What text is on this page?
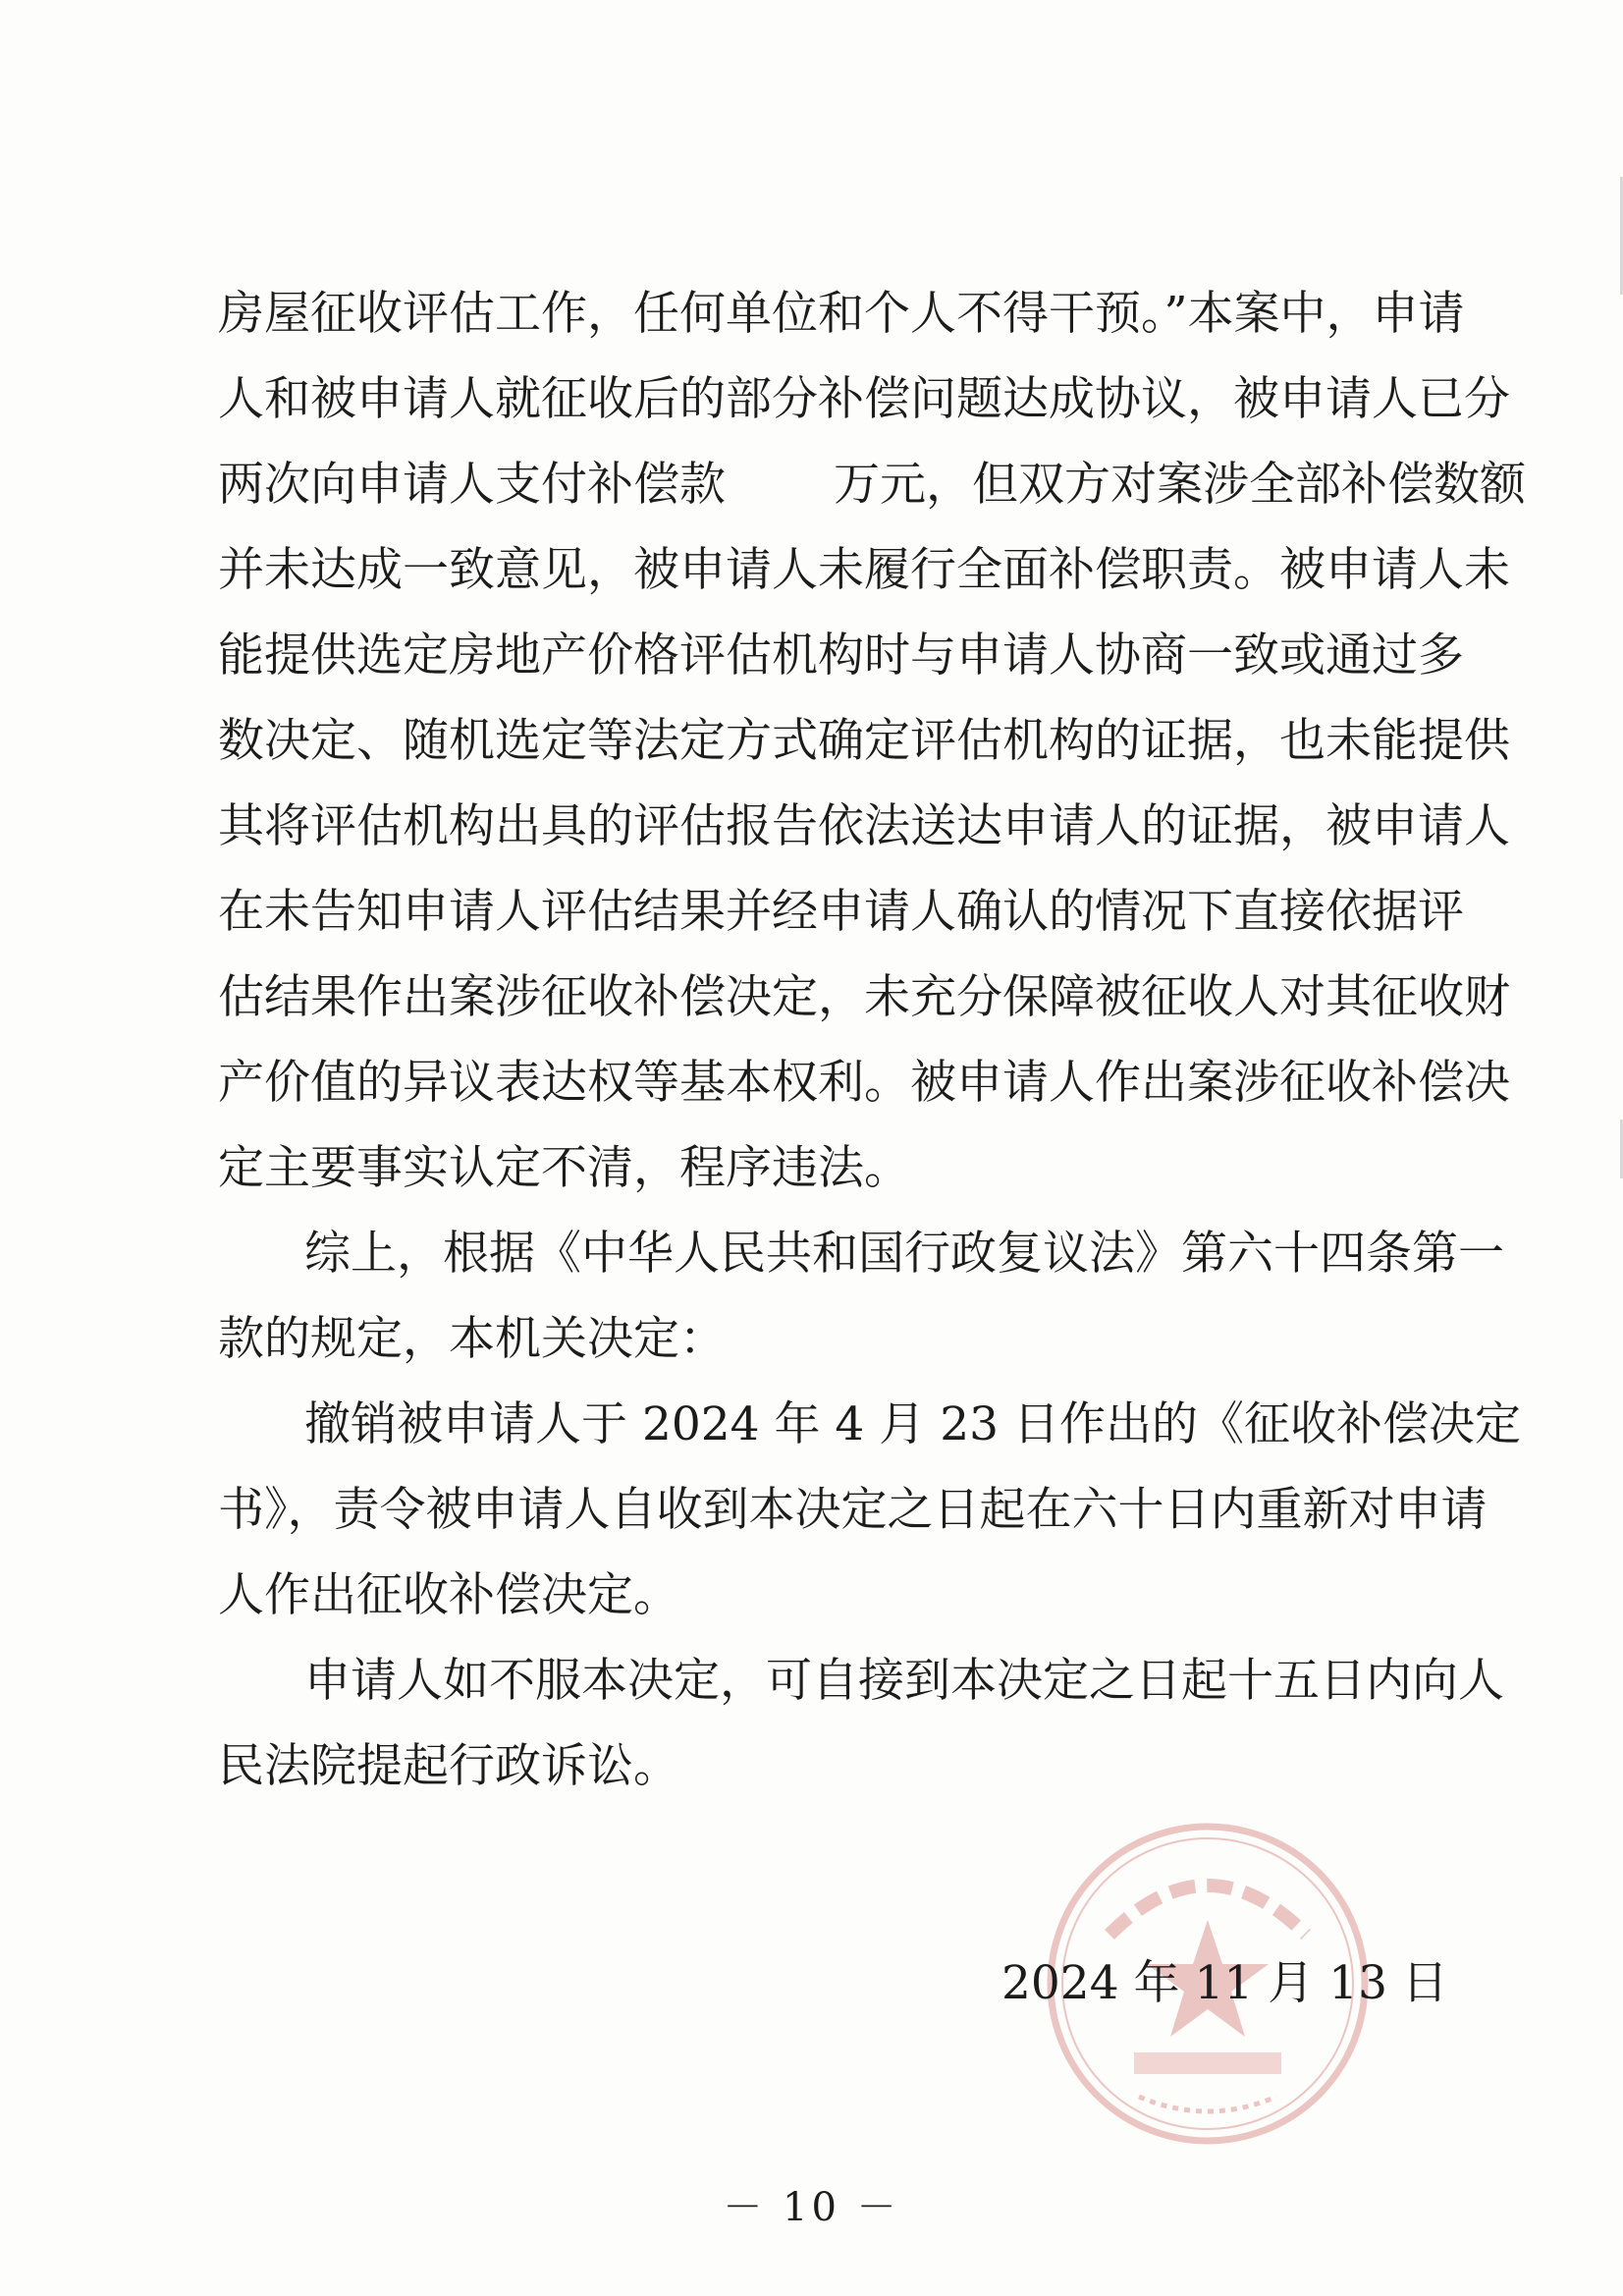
房屋征收评估工作，任何单位和个人不得干预。”本案中，申请
人和被申请人就征收后的部分补偿问题达成协议，被申请人已分
两次向申请人支付补偿款 万元，但双方对案涉全部补偿数额
并未达成一致意见，被申请人未履行全面补偿职责。被申请人未
能提供选定房地产价格评估机构时与申请人协商一致或通过多
数决定、随机选定等法定方式确定评估机构的证据，也未能提供
其将评估机构出具的评估报告依法送达申请人的证据，被申请人
在未告知申请人评估结果并经申请人确认的情况下直接依据评
估结果作出案涉征收补偿决定，未充分保障被征收人对其征收财
产价值的异议表达权等基本权利。被申请人作出案涉征收补偿决
定主要事实认定不清，程序违法。
综上，根据《中华人民共和国行政复议法》第六十四条第一
款的规定，本机关决定：
撤销被申请人于 2024 年 4 月 23 日作出的《征收补偿决定
书》，责令被申请人自收到本决定之日起在六十日内重新对申请
人作出征收补偿决定。
申请人如不服本决定，可自接到本决定之日起十五日内向人
民法院提起行政诉讼。
2024 年 11 月 13 日
－ 10 －
